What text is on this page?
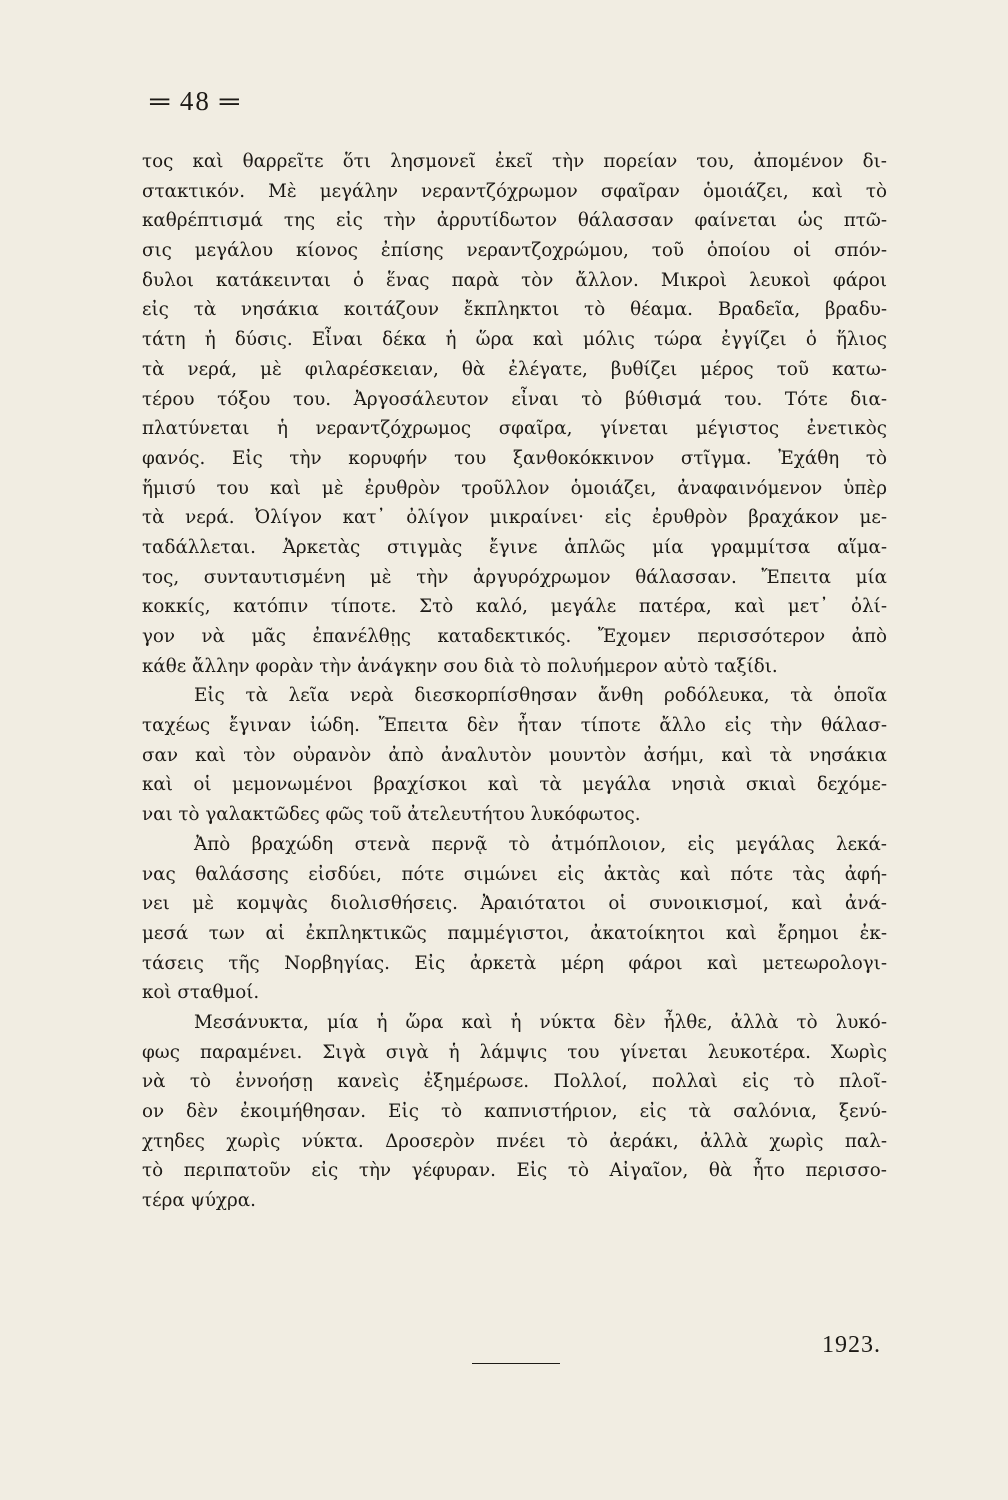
═ 48 ═
τος καὶ θαρρεῖτε ὅτι λησμονεῖ ἐκεῖ τὴν πορείαν του, ἀπομένον δι-
στακτικόν. Μὲ μεγάλην νεραντζόχρωμον σφαῖραν ὁμοιάζει, καὶ τὸ
καθρέπτισμά της εἰς τὴν ἀρρυτίδωτον θάλασσαν φαίνεται ὡς πτῶ-
σις μεγάλου κίονος ἐπίσης νεραντζοχρώμου, τοῦ ὁποίου οἱ σπόν-
δυλοι κατάκεινται ὁ ἕνας παρὰ τὸν ἄλλον. Μικροὶ λευκοὶ φάροι
εἰς τὰ νησάκια κοιτάζουν ἔκπληκτοι τὸ θέαμα. Βραδεῖα, βραδυ-
τάτη ἡ δύσις. Εἶναι δέκα ἡ ὥρα καὶ μόλις τώρα ἐγγίζει ὁ ἥλιος
τὰ νερά, μὲ φιλαρέσκειαν, θὰ ἐλέγατε, βυθίζει μέρος τοῦ κατω-
τέρου τόξου του. Ἀργοσάλευτον εἶναι τὸ βύθισμά του. Τότε δια-
πλατύνεται ἡ νεραντζόχρωμος σφαῖρα, γίνεται μέγιστος ἐνετικὸς
φανός. Εἰς τὴν κορυφήν του ξανθοκόκκινον στῖγμα. Ἐχάθη τὸ
ἥμισύ του καὶ μὲ ἐρυθρὸν τροῦλλον ὁμοιάζει, ἀναφαινόμενον ὑπὲρ
τὰ νερά. Ὀλίγον κατ᾽ ὀλίγον μικραίνει· εἰς ἐρυθρὸν βραχάκον με-
ταδάλλεται. Ἀρκετὰς στιγμὰς ἔγινε ἁπλῶς μία γραμμίτσα αἵμα-
τος, συνταυτισμένη μὲ τὴν ἀργυρόχρωμον θάλασσαν. Ἔπειτα μία
κοκκίς, κατόπιν τίποτε. Στὸ καλό, μεγάλε πατέρα, καὶ μετ᾽ ὀλί-
γον νὰ μᾶς ἐπανέλθῃς καταδεκτικός. Ἔχομεν περισσότερον ἀπὸ
κάθε ἄλλην φορὰν τὴν ἀνάγκην σου διὰ τὸ πολυήμερον αὐτὸ ταξίδι.
Εἰς τὰ λεῖα νερὰ διεσκορπίσθησαν ἄνθη ροδόλευκα, τὰ ὁποῖα
ταχέως ἔγιναν ἰώδη. Ἔπειτα δὲν ἦταν τίποτε ἄλλο εἰς τὴν θάλασ-
σαν καὶ τὸν οὐρανὸν ἀπὸ ἀναλυτὸν μουντὸν ἀσήμι, καὶ τὰ νησάκια
καὶ οἱ μεμονωμένοι βραχίσκοι καὶ τὰ μεγάλα νησιὰ σκιαὶ δεχόμε-
ναι τὸ γαλακτῶδες φῶς τοῦ ἀτελευτήτου λυκόφωτος.
Ἀπὸ βραχώδη στενὰ περνᾷ τὸ ἀτμόπλοιον, εἰς μεγάλας λεκά-
νας θαλάσσης εἰσδύει, πότε σιμώνει εἰς ἀκτὰς καὶ πότε τὰς ἀφή-
νει μὲ κομψὰς διολισθήσεις. Ἀραιότατοι οἱ συνοικισμοί, καὶ ἀνά-
μεσά των αἱ ἐκπληκτικῶς παμμέγιστοι, ἀκατοίκητοι καὶ ἔρημοι ἐκ-
τάσεις τῆς Νορβηγίας. Εἰς ἀρκετὰ μέρη φάροι καὶ μετεωρολογι-
κοὶ σταθμοί.
Μεσάνυκτα, μία ἡ ὥρα καὶ ἡ νύκτα δὲν ἦλθε, ἀλλὰ τὸ λυκό-
φως παραμένει. Σιγὰ σιγὰ ἡ λάμψις του γίνεται λευκοτέρα. Χωρὶς
νὰ τὸ ἐννοήσῃ κανεὶς ἐξημέρωσε. Πολλοί, πολλαὶ εἰς τὸ πλοῖ-
ον δὲν ἐκοιμήθησαν. Εἰς τὸ καπνιστήριον, εἰς τὰ σαλόνια, ξενύ-
χτηδες χωρὶς νύκτα. Δροσερὸν πνέει τὸ ἀεράκι, ἀλλὰ χωρὶς παλ-
τὸ περιπατοῦν εἰς τὴν γέφυραν. Εἰς τὸ Αἰγαῖον, θὰ ἦτο περισσο-
τέρα ψύχρα.
1923.
